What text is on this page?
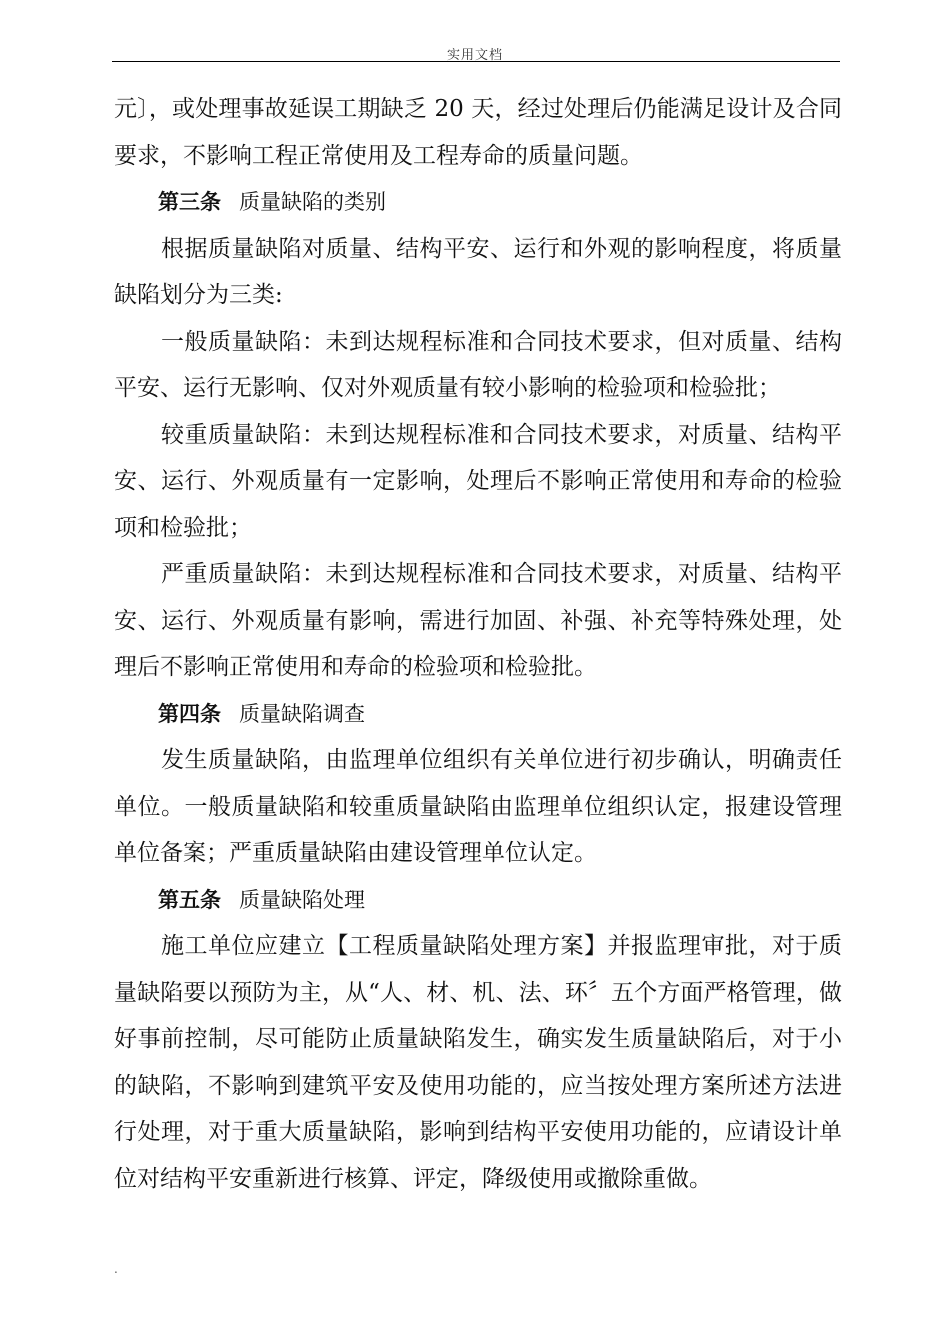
实用文档

元〕，或处理事故延误工期缺乏 20 天，经过处理后仍能满足设计及合同要求，不影响工程正常使用及工程寿命的质量问题。

第三条 质量缺陷的类别

根据质量缺陷对质量、结构平安、运行和外观的影响程度，将质量缺陷划分为三类:

一般质量缺陷：未到达规程标准和合同技术要求，但对质量、结构平安、运行无影响、仅对外观质量有较小影响的检验项和检验批；

较重质量缺陷：未到达规程标准和合同技术要求，对质量、结构平安、运行、外观质量有一定影响，处理后不影响正常使用和寿命的检验项和检验批；

严重质量缺陷：未到达规程标准和合同技术要求，对质量、结构平安、运行、外观质量有影响，需进行加固、补强、补充等特殊处理，处理后不影响正常使用和寿命的检验项和检验批。

第四条 质量缺陷调查

发生质量缺陷，由监理单位组织有关单位进行初步确认，明确责任单位。一般质量缺陷和较重质量缺陷由监理单位组织认定，报建设管理单位备案；严重质量缺陷由建设管理单位认定。

第五条 质量缺陷处理

施工单位应建立【工程质量缺陷处理方案】并报监理审批，对于质量缺陷要以预防为主，从“人、材、机、法、环〞五个方面严格管理，做好事前控制，尽可能防止质量缺陷发生，确实发生质量缺陷后，对于小的缺陷，不影响到建筑平安及使用功能的，应当按处理方案所述方法进行处理，对于重大质量缺陷，影响到结构平安使用功能的，应请设计单位对结构平安重新进行核算、评定，降级使用或撤除重做。

.
